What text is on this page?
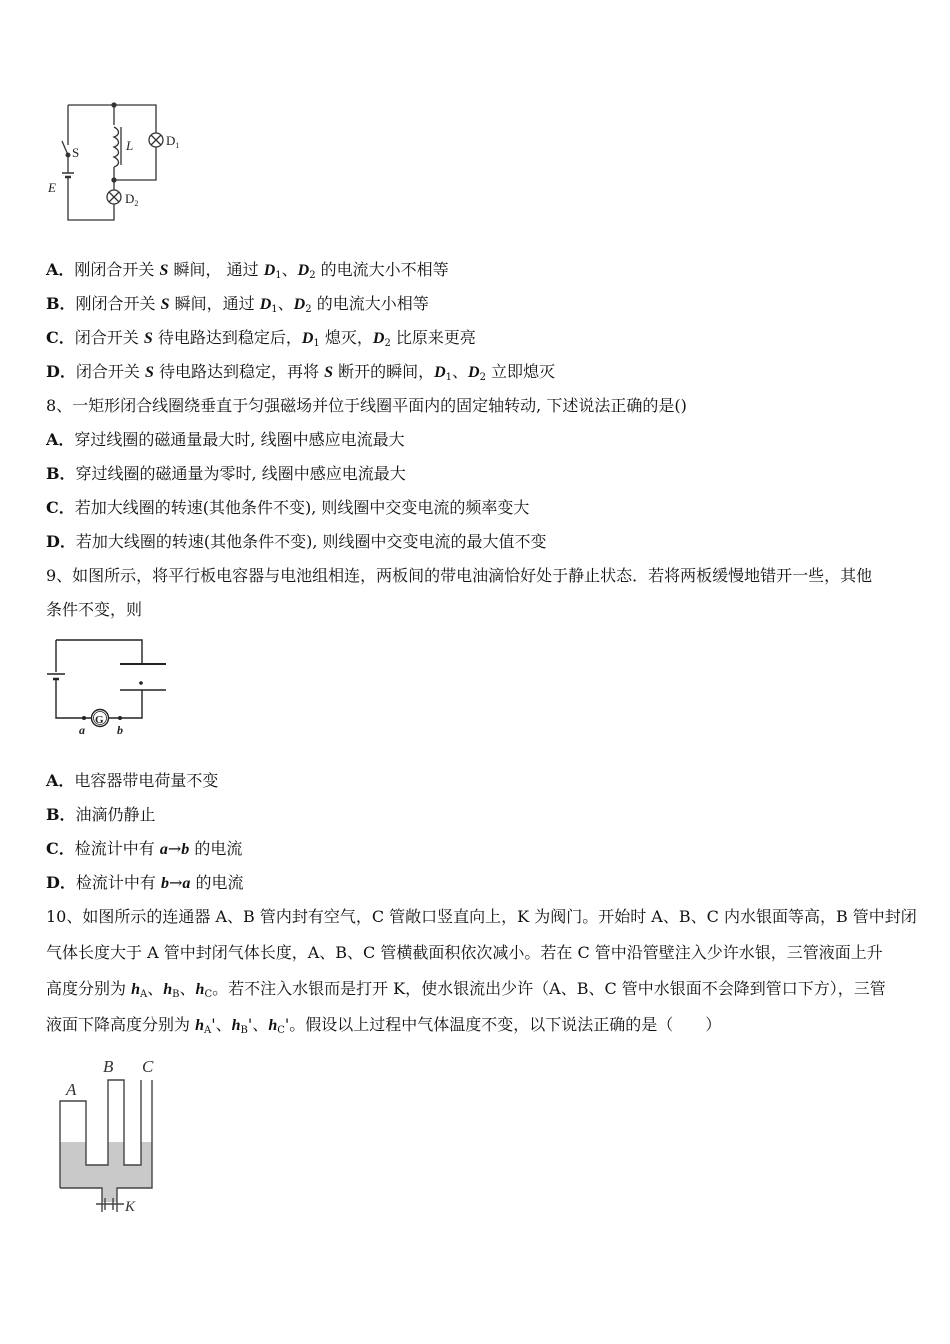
S	L
E
$D_1$
$D_2$
A．刚闭合开关 S 瞬间， 通过 $D_1$、$D_2$ 的电流大小不相等
B．刚闭合开关 S 瞬间，通过 $D_1$、$D_2$ 的电流大小相等
C．闭合开关 S 待电路达到稳定后，$D_1$ 熄灭，$D_2$ 比原来更亮
D．闭合开关 S 待电路达到稳定，再将 S 断开的瞬间，$D_1$、$D_2$ 立即熄灭
8、一矩形闭合线圈绕垂直于匀强磁场并位于线圈平面内的固定轴转动, 下述说法正确的是()
A．穿过线圈的磁通量最大时, 线圈中感应电流最大
B．穿过线圈的磁通量为零时, 线圈中感应电流最大
C．若加大线圈的转速(其他条件不变), 则线圈中交变电流的频率变大
D．若加大线圈的转速(其他条件不变), 则线圈中交变电流的最大值不变
9、如图所示，将平行板电容器与电池组相连，两板间的带电油滴恰好处于静止状态．若将两板缓慢地错开一些，其他
条件不变，则
G
a	b
A．电容器带电荷量不变
B．油滴仍静止
C．检流计中有 a→b 的电流
D．检流计中有 b→a 的电流
10、如图所示的连通器 A、B 管内封有空气，C 管敞口竖直向上，K 为阀门。开始时 A、B、C 内水银面等高，B 管中封闭
气体长度大于 A 管中封闭气体长度，A、B、C 管横截面积依次减小。若在 C 管中沿管壁注入少许水银，三管液面上升
高度分别为 $h_A$、$h_B$、$h_C$。若不注入水银而是打开 K，使水银流出少许（A、B、C 管中水银面不会降到管口下方），三管
液面下降高度分别为 $h_A'$、$h_B'$、$h_C'$。假设以上过程中气体温度不变，以下说法正确的是（　　）
A
B C
K
